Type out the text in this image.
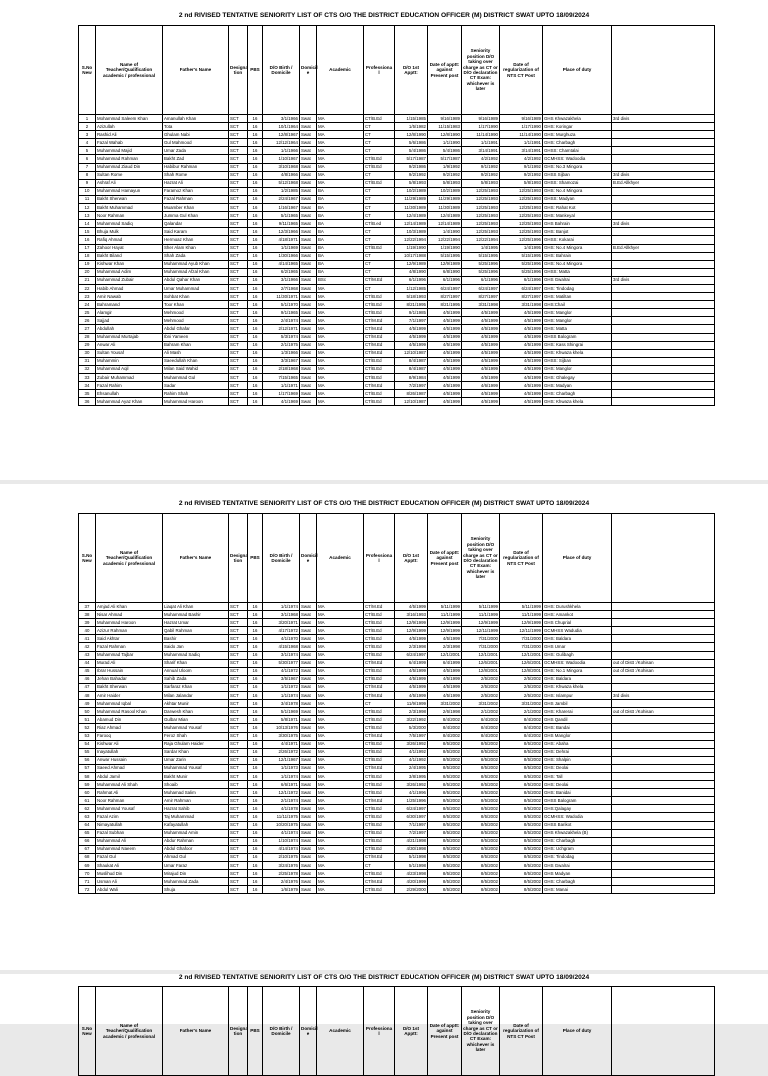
2 nd RIVISED TENTATIVE SENIORITY LIST OF CTS O/O THE DISTRICT EDUCATION OFFICER (M) DISTRICT SWAT UPTO 18/09/2024
S.No New	Name of Teacher/Qualification academic / professional	Father's Name	Designa tion	PBS	D/O Birth / Domicile	Domicil e	Academic	Professiona l	D/O 1st Apptt:	Date of apptt: against Present post	Seniority position D/O taking over charge as CT or D/O declaration CT Exam: whichever is later	Date of regularization of NTS CT Post	Place of duty	
1	Mohammad Saleem Khan	Amanullah Khan	SCT	16	3/1/1966	Swat	MA	CT/B.Ed	1/15/1985	9/16/1989	9/16/1989	9/16/1989	GHS Khwazakhela	3rd divis
2	Azizullah	Tota	SCT	16	10/1/1964	Swat	MA	CT	1/5/1982	11/15/1983	1/17/1990	1/17/1990	GHS: Koringar	
3	Rashid Ali	Ghulam Nabi	SCT	16	12/8/1967	Swat	MA	CT	12/8/1990	12/8/1990	11/14/1990	11/14/1990	GHS: Murghuza	
4	Fazal Wahab	Gul Mahmood	SCT	16	12/12/1964	Swat	MA	CT	5/6/1986	1/1/1990	1/1/1991	1/1/1991	GHS: Charbagh	
5	Muhammad Majid	Umar Zada	SCT	16	1/1/1966	Swat	MA	CT	5/4/1986	5/4/1986	3/14/1991	3/14/1991	GHSS: Chamtalai	
6	Muhammad Rahman	Bakht Zad	SCT	16	1/10/1967	Swat	MA	CT/B.Ed	5/17/1987	5/17/1987	4/2/1992	4/2/1992	GCMHSS: Wadoodia	
7	Muhammad Ziaud Din	Habibur Rahman	SCT	16	3/10/1968	Swat	MA	CT/B.Ed	9/2/1986	1/9/1992	9/1/1992	9/1/1992	GHS: No.3 Mingora	
8	Sultan Rome	Shah Rome	SCT	16	4/8/1966	Swat	MA	CT	9/2/1992	9/2/1992	9/2/1992	9/2/1992	GHSS Sijban	3rd divis
9	Ashraf Ali	Hazrat Ali	SCT	16	5/12/1968	Swat	MA	CT/B.Ed	5/8/1993	5/8/1993	5/8/1993	5/8/1993	GHSS: Shamozai	B.Ed Allkhyer
10	Muhammad Hamayun	Faramoz Khan	SCT	16	1/2/1985	Swat	BA	CT	10/2/1989	10/2/1989	12/25/1993	12/25/1993	GHS: No.4 Mingora	
11	Bakht Sherwan	Fazal Rahman	SCT	16	2/24/1967	Swat	BA	CT	11/29/1989	11/29/1989	12/25/1993	12/25/1993	GHSS: Madyan	
12	Bakht Muhammad	Muamber Khan	SCT	16	1/16/1967	Swat	BA	CT	11/30/1989	11/30/1989	12/25/1993	12/25/1993	GHS: Rahat Kot	
13	Noor Rahman	Jumma Gul Khan	SCT	16	5/1/1965	Swat	BA	CT	12/4/1989	12/4/1989	12/25/1993	12/25/1993	GHS: Mankeyal	
14	Muhammad Sadiq	Qalandar	SCT	16	9/11/1965	Swat	BA	CT/B.ed	12/14/1989	12/14/1989	12/25/1993	12/25/1993	GHS Bahrain	3rd divis
15	Bhuja Mulk	Said Karam	SCT	16	12/3/1966	Swat	BA	CT	10/3/1989	1/4/1990	12/25/1993	12/25/1993	GHS: Banjot	
16	Rafiq Ahmad	Hermoaz Khan	SCT	16	4/18/1971	Swat	BA	CT	12/22/1994	12/22/1994	12/22/1994	12/25/1996	GHSS: Kokarai	
17	Zahoor Hayat	Sher Alam Khan	SCT	16	1/1/1969	Swat	BA	CT/B.Ed	1/19/1990	1/19/1990	1/4/1995	1/4/1995	GHS: No.4 Mingora	B.Ed Allkhyer
18	Bakht Biland	Shah Zada	SCT	16	1/30/1966	Swat	BA	CT	10/17/1988	5/15/1995	5/15/1995	5/15/1995	GHS: Bahrain	
19	Kishwar Khan	Muhammad Ayub Khan	SCT	16	4/14/1965	Swat	BA	CT	12/9/1989	12/9/1989	5/25/1996	5/25/1996	GHS: No.4 Mingora	
20	Muhammad Adim	Muhammad Afzal Khan	SCT	16	6/2/1965	Swat	BA	CT	4/8/1990	6/8/1990	5/25/1996	5/25/1996	GHSS: Matta	
21	Muhammad Zubair	Abdul Qahar Khan	SCT	16	3/1/1966	Swat	BSc	CT/M.Ed	6/1/1996	6/1/1996	6/1/1996	6/1/1996	GHS Gwalrai	3rd divis
22	Habib Ahmad	Umar Muhammad	SCT	16	2/7/1968	Swat	MA	CT	1/12/1985	6/24/1997	6/24/1997	6/24/1997	GHS: Tindodag	
23	Amir Nawab	Sohbat Khan	SCT	16	11/30/1971	Swat	MA	CT/B.Ed	5/18/1993	8/27/1997	8/27/1997	8/27/1997	GHS: Matiltan	
24	Bahramand	Toor Khan	SCT	16	5/1/1970	Swat	MA	CT/B.Ed	8/21/1995	8/21/1995	3/31/1998	3/31/1998	GHS:Chail	
25	Alamgir	Mehmood	SCT	16	9/1/1965	Swat	MA	CT/B.Ed	9/1/1985	4/5/1999	4/5/1999	4/5/1999	GHS: Manglor	
26	Sajjad	Mehmood	SCT	16	2/4/1974	Swat	MA	CT/M.Ed	7/1/1997	4/5/1999	4/5/1999	4/5/1999	GHS: Manglor	
27	Abdullah	Abdul Ghafar	SCT	16	2/12/1971	Swat	MA	CT/M.Ed	4/5/1999	4/5/1999	4/5/1999	4/5/1999	GHS: Matta	
28	Muhammad Murtajab	Ibni Yameen	SCT	16	5/3/1974	Swat	MA	CT/M.Ed	4/5/1999	4/5/1999	4/5/1999	4/5/1999	GHSS Balogram	
29	Anwar Ali	Bahram Khan	SCT	16	2/1/1975	Swat	MA	CT/M.Ed	4/5/1999	4/5/1999	4/5/1999	4/5/1999	GHS: Kass Shingrai	
30	Sultan Yousaf	Ali Mash	SCT	16	1/3/1966	Swat	MA	CT/M.Ed	12/10/1987	4/5/1999	4/5/1999	4/5/1999	GHS: Khwaza khela	
31	Muhammin	Saeedullah Khan	SCT	16	3/3/1967	Swat	MA	CT/B.Ed	8/4/1987	4/5/1999	4/5/1999	4/5/1999	GHSS: Sijban	
32	Muhammad Aqil	Milan Said Wahid	SCT	16	2/18/1968	Swat	MA	CT/B.Ed	8/4/1987	4/5/1999	4/5/1999	4/5/1999	GHS: Manglor	
33	Zubair Muhammad	Muhammad Gul	SCT	16	7/15/1965	Swat	MA	CT/B.Ed	8/9/1984	4/5/1999	4/5/1999	4/5/1999	GHS: Ghalegay	
34	Fazal Rahim	Sadar	SCT	16	1/1/1971	Swat	MA	CT/M.Ed	7/2/1997	4/5/1999	4/6/1999	4/5/1999	GHS: Madyan	
35	Ehsanullah	Rahim Shah	SCT	16	1/17/1969	Swat	MA	CT/B.Ed	8/26/1987	4/5/1999	4/5/1999	4/5/1999	GHS: Charbagh	
36	Muhammad Ayaz Khan	Muhammad Haroon	SCT	16	4/1/1969	Swat	MA	CT/B.Ed	12/10/1987	4/5/1999	4/5/1999	4/5/1999	GHS: Khwaza khela	
2 nd RIVISED TENTATIVE SENIORITY LIST OF CTS O/O THE DISTRICT EDUCATION OFFICER (M) DISTRICT SWAT UPTO 18/09/2024
S.No New	Name of Teacher/Qualification academic / professional	Father's Name	Designa tion	PBS	D/O Birth / Domicile	Domicil e	Academic	Professiona l	D/O 1st Apptt:	Date of apptt: against Present post	Seniority position D/O taking over charge as CT or D/O declaration CT Exam: whichever is later	Date of regularization of NTS CT Post	Place of duty	
37	Amjad Ali Khan	Liaqat Ali Khan	SCT	16	1/1/1974	Swat	MA	CT/M.Ed	4/5/1999	5/11/1999	5/11/1999	5/11/1999	GHS: Durushkhela	
38	Nisar Ahmad	Muhammad Bashir	SCT	16	3/1/1968	Swat	MA	CT/B.Ed	3/16/1993	11/1/1999	11/1/1999	11/1/1999	GHS: Amankot	
39	Muhammad Haroon	Hazrat Umar	SCT	16	3/20/1971	Swat	MA	CT/B.Ed	12/9/1999	12/9/1999	12/9/1999	12/9/1999	GHS Chuprial	
40	Azizur Rahman	Qabil Rahman	SCT	16	4/17/1972	Swat	MA	CT/B.Ed	12/9/1999	12/9/1999	12/11/1999	12/11/1999	GCMHSS Wadudia	
41	Said Akhtar	Bashir	SCT	16	4/1/1970	Swat	MA	CT/B.Ed	4/5/1999	4/5/1999	7/31/2000	7/31/2000	GHS: Baldara	
42	Fazal Rahman	Saido Jan	SCT	16	4/15/1968	Swat	MA	CT/B.Ed	2/3/1998	2/3/1998	7/31/2000	7/31/2000	GHS Umar	
43	Muhammad Tajbar	Muhammad Sadiq	SCT	16	3/1/1974	Swat	MA	CT/B.Ed	6/24/1997	12/1/2001	12/1/2001	12/1/2001	GHS: Gulibagh	
44	Murad Ali	Sharif Khan	SCT	16	5/30/1977	Swat	MA	CT/M.Ed	6/4/1999	6/4/1999	12/6/2001	12/6/2001	GCMHSS: Wadoodia	out of Distt :/Kohisan
45	Ibrar Hussain	Annual Uloom	SCT	16	4/1/1972	Swat	MA	CT/B.Ed	4/5/1999	4/5/1999	12/8/2001	12/8/2001	GHS: No.1 Mingora	out of Distt :/Kohisan
46	Jehan Bahadar	Sahib Zada	SCT	16	3/5/1967	Swat	MA	CT/B.Ed	4/5/1999	4/5/1999	2/5/2002	2/5/2002	GHS: Baldara	
47	Bakht Sherwan	Sarfaraz Khan	SCT	16	1/1/1972	Swat	MA	CT/M.Ed	4/5/1999	4/5/1999	2/5/2002	2/5/2002	GHS: Khwaza khela	
48	Amir Haider	Milan Jalandar	SCT	16	1/1/1974	Swat	MA	CT/M.Ed	4/5/1999	4/5/1999	2/5/2002	2/5/2002	GHS: Islampur	3rd divis
49	Muhammad Iqbal	Akhtar Munir	SCT	16	3/4/1978	Swat	MA	CT	11/9/1999	3/31/2002	3/31/2002	3/31/2002	GHS Jambil	
50	Muhammad Rasool Khan	Darwesh Khan	SCT	16	5/1/1969	Swat	MA	CT/B.Ed	2/3/1998	2/6/1998	2/1/2002	2/1/2002	GHS: Kharerai	out of Distt :/Kohisan
51	Abamud Din	Gulbar Mian	SCT	16	5/8/1971	Swat	MA	CT/B.Ed	3/22/1992	8/4/2002	8/4/2002	8/4/2002	GHS Qandil	
52	Riaz Ahmad	Muhammad Yousaf	SCT	16	10/13/1976	Swat	MA	CT/B.Ed	5/3/2000	8/4/2002	8/4/2002	8/4/2002	GHS: Bandai	
53	Farooq	Feroz Shah	SCT	16	3/30/1975	Swat	MA	CT/M.Ed	7/5/1997	8/4/2002	8/4/2002	8/4/2002	GHS Manglor	
54	Kishwar Ali	Raja Ghulam Haider	SCT	16	4/4/1971	Swat	MA	CT/B.Ed	3/26/1992	8/5/2002	8/5/2002	8/5/2002	GHS: Abaha	
55	Inayatullah	Sardar Khan	SCT	16	2/26/1972	Swat	MA	CT/B.Ed	4/1/1992	8/5/2002	8/5/2002	8/5/2002	GHS: Dehrai	
56	Anwar Hussain	Umar Zarin	SCT	16	12/1/1967	Swat	MA	CT/B.Ed	4/1/1992	8/5/2002	8/5/2002	8/5/2002	GHS: Shalpin	
57	Saeed Ahmad	Muhammad Yousaf	SCT	16	1/1/1973	Swat	MA	CT/M.Ed	2/4/1995	8/5/2002	8/5/2002	8/5/2002	GHS: Deolai	
58	Abdul Jamil	Bakht Munir	SCT	16	1/1/1974	Swat	MA	CT/B.Ed	3/8/1995	8/5/2002	8/5/2002	8/5/2002	GHS: Tall	
59	Muhammad Ali Shah	Shoaib	SCT	16	6/6/1971	Swat	MA	CT/B.Ed	3/26/1992	8/5/2002	8/5/2002	8/5/2002	GHS: Deolai	
60	Rahmat Ali	Muhamad Salim	SCT	16	12/1/1972	Swat	MA	CT/B.Ed	4/1/1996	8/5/2002	8/5/2002	8/5/2002	GHS: Banidai	
61	Noor Rahman	Amir Rahman	SCT	16	2/1/1974	Swat	MA	CT/M.Ed	1/25/1996	8/5/2002	8/5/2002	8/5/2002	GHSS Balogram	
62	Muhammad Yousaf	Hazrat Sahib	SCT	16	4/1/1978	Swat	MA	CT/B.Ed	6/24/1997	8/5/2002	8/5/2002	8/5/2002	GHS:Qalagay	
63	Fazal Azim	Taj Muhammad	SCT	16	11/11/1975	Swat	MA	CT/B.Ed	6/30/1997	8/5/2002	8/5/2002	8/5/2002	GCMHSS: Wadodia	
64	Nimayatullah	Kafayatullah	SCT	16	10/20/1975	Swat	MA	CT/B.Ed	7/1/1997	8/5/2002	8/5/2002	8/5/2002	GHSS Barikot	
65	Fazal Subhan	Muhammad Amin	SCT	16	4/1/1974	Swat	MA	CT/B.Ed	7/2/1997	8/5/2002	8/5/2002	8/5/2002	GHS Khwazakhela (B)	
66	Muhammad Ali	Abdur Rahman	SCT	16	1/10/1974	Swat	MA	CT/B.Ed	4/21/1998	8/5/2002	8/5/2002	8/5/2002	GHS: Charbagh	
67	Muhammad Naeem	Abdul Ghafoor	SCT	16	4/14/1974	Swat	MA	CT/B.Ed	4/30/1998	8/5/2002	8/5/2002	8/5/2002	GHS: Uchgram	
68	Fazal Gul	Ahmad Gul	SCT	16	2/10/1975	Swat	MA	CT/M.Ed	5/1/1998	8/5/2002	8/5/2002	8/5/2002	GHS: Tindodag	
69	Shaukat Ali	Umar Faraz	SCT	16	3/24/1976	Swat	MA	CT	5/1/1998	8/5/2002	8/5/2002	8/5/2002	GHS Gwalrai	
70	Muslihud Din	Mirajud Din	SCT	16	2/25/1978	Swat	MA	CT/B.Ed	4/23/1998	8/5/2002	8/5/2002	8/5/2002	GHS Madyan	
71	Usman Ali	Muhammad Zada	SCT	16	2/4/1976	Swat	MA	CT/M.Ed	4/20/1999	8/5/2002	8/5/2002	8/5/2002	GHS: Charbagh	
72	Abdul Wali	Shuja	SCT	16	1/6/1979	Swat	MA	CT/B.Ed	2/29/2000	8/5/2002	8/5/2002	8/5/2002	GHS: Manai	
2 nd RIVISED TENTATIVE SENIORITY LIST OF CTS O/O THE DISTRICT EDUCATION OFFICER (M) DISTRICT SWAT UPTO 18/09/2024
S.No New	Name of Teacher/Qualification academic / professional	Father's Name	Designa tion	PBS	D/O Birth / Domicile	Domicil e	Academic	Professiona l	D/O 1st Apptt:	Date of apptt: against Present post	Seniority position D/O taking over charge as CT or D/O declaration CT Exam: whichever is later	Date of regularization of NTS CT Post	Place of duty	
